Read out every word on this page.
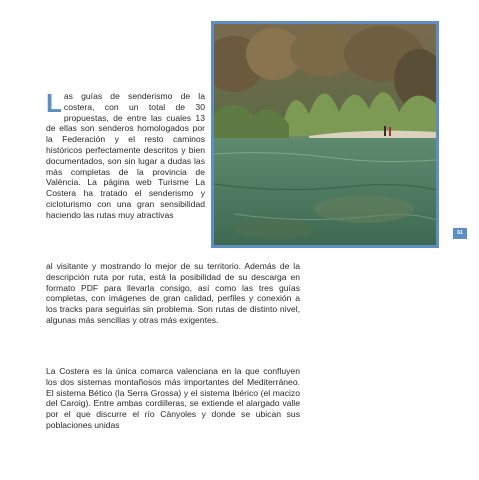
61

Las guías de senderismo de la costera, con un total de 30 propuestas, de entre las cuales 13 de ellas son senderos homologados por la Federación y el resto caminos históricos perfectamente descritos y bien documentados, son sin lugar a dudas las más completas de la provincia de València. La página web Turisme La Costera ha tratado el senderismo y cicloturismo con una gran sensibilidad haciendo las rutas muy atractivas

al visitante y mostrando lo mejor de su territorio. Además de la descripción ruta por ruta, está la posibilidad de su descarga en formato PDF para llevarla consigo, así como las tres guías completas, con imágenes de gran calidad, perfiles y conexión a los tracks para seguirlas sin problema. Son rutas de distinto nivel, algunas más sencillas y otras más exigentes.

La Costera es la única comarca valenciana en la que confluyen los dos sistemas montañosos más importantes del Mediterráneo. El sistema Bético (la Serra Grossa) y el sistema Ibérico (el macizo del Caroig). Entre ambas cordilleras, se extiende el alargado valle por el que discurre el río Cànyoles y donde se ubican sus poblaciones unidas
